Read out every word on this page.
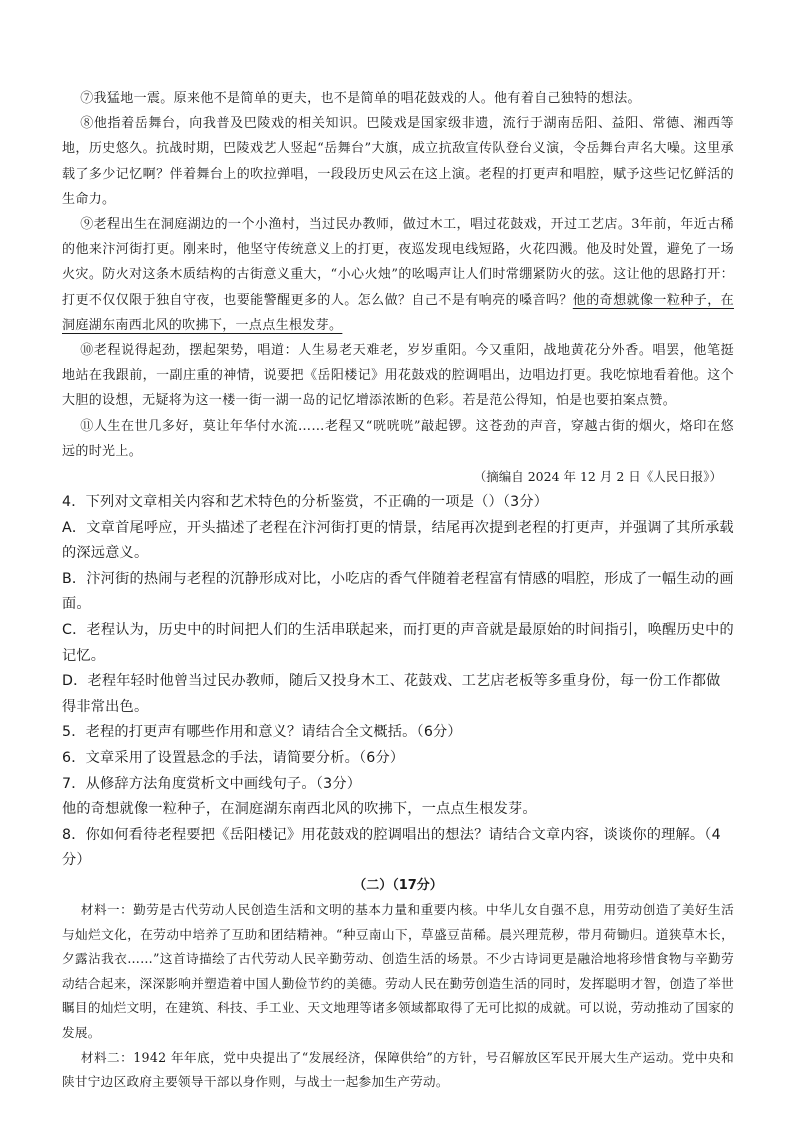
⑦我猛地一震。原来他不是简单的更夫，也不是简单的唱花鼓戏的人。他有着自己独特的想法。

⑧他指着岳舞台，向我普及巴陵戏的相关知识。巴陵戏是国家级非遗，流行于湖南岳阳、益阳、常德、湘西等地，历史悠久。抗战时期，巴陵戏艺人竖起“岳舞台”大旗，成立抗敌宣传队登台义演，令岳舞台声名大噪。这里承载了多少记忆啊？伴着舞台上的吹拉弹唱，一段段历史风云在这上演。老程的打更声和唱腔，赋予这些记忆鲜活的生命力。

⑨老程出生在洞庭湖边的一个小渔村，当过民办教师，做过木工，唱过花鼓戏，开过工艺店。3年前，年近古稀的他来汴河街打更。刚来时，他坚守传统意义上的打更，夜巡发现电线短路，火花四溅。他及时处置，避免了一场火灾。防火对这条木质结构的古街意义重大，“小心火烛”的吆喝声让人们时常绷紧防火的弦。这让他的思路打开：打更不仅仅限于独自守夜，也要能警醒更多的人。怎么做？自己不是有响亮的嗓音吗？他的奇想就像一粒种子，在洞庭湖东南西北风的吹拂下，一点点生根发芽。

⑩老程说得起劲，摆起架势，唱道：人生易老天难老，岁岁重阳。今又重阳，战地黄花分外香。唱罢，他笔挺地站在我跟前，一副庄重的神情，说要把《岳阳楼记》用花鼓戏的腔调唱出，边唱边打更。我吃惊地看着他。这个大胆的设想，无疑将为这一楼一街一湖一岛的记忆增添浓断的色彩。若是范公得知，怕是也要拍案点赞。

⑪人生在世几多好，莫让年华付水流……老程又“咣咣咣”敲起锣。这苍劲的声音，穿越古街的烟火，烙印在悠远的时光上。

（摘编自 2024 年 12 月 2 日《人民日报》）

4．下列对文章相关内容和艺术特色的分析鉴赏，不正确的一项是（）（3分）

A．文章首尾呼应，开头描述了老程在汴河街打更的情景，结尾再次提到老程的打更声，并强调了其所承载的深远意义。

B．汴河街的热闹与老程的沉静形成对比，小吃店的香气伴随着老程富有情感的唱腔，形成了一幅生动的画面。

C．老程认为，历史中的时间把人们的生活串联起来，而打更的声音就是最原始的时间指引，唤醒历史中的记忆。

D．老程年轻时他曾当过民办教师，随后又投身木工、花鼓戏、工艺店老板等多重身份，每一份工作都做得非常出色。

5．老程的打更声有哪些作用和意义？请结合全文概括。（6分）

6．文章采用了设置悬念的手法，请简要分析。（6分）

7．从修辞方法角度赏析文中画线句子。（3分）

他的奇想就像一粒种子，在洞庭湖东南西北风的吹拂下，一点点生根发芽。

8．你如何看待老程要把《岳阳楼记》用花鼓戏的腔调唱出的想法？请结合文章内容，谈谈你的理解。（4分）

（二）（17分）

材料一：勤劳是古代劳动人民创造生活和文明的基本力量和重要内核。中华儿女自强不息，用劳动创造了美好生活与灿烂文化，在劳动中培养了互助和团结精神。“种豆南山下，草盛豆苗稀。晨兴理荒秽，带月荷锄归。道狭草木长，夕露沾我衣……”这首诗描绘了古代劳动人民辛勤劳动、创造生活的场景。不少古诗词更是融洽地将珍惜食物与辛勤劳动结合起来，深深影响并塑造着中国人勤俭节约的美德。劳动人民在勤劳创造生活的同时，发挥聪明才智，创造了举世瞩目的灿烂文明，在建筑、科技、手工业、天文地理等诸多领域都取得了无可比拟的成就。可以说，劳动推动了国家的发展。

材料二：1942 年年底，党中央提出了“发展经济，保障供给”的方针，号召解放区军民开展大生产运动。党中央和陕甘宁边区政府主要领导干部以身作则，与战士一起参加生产劳动。
